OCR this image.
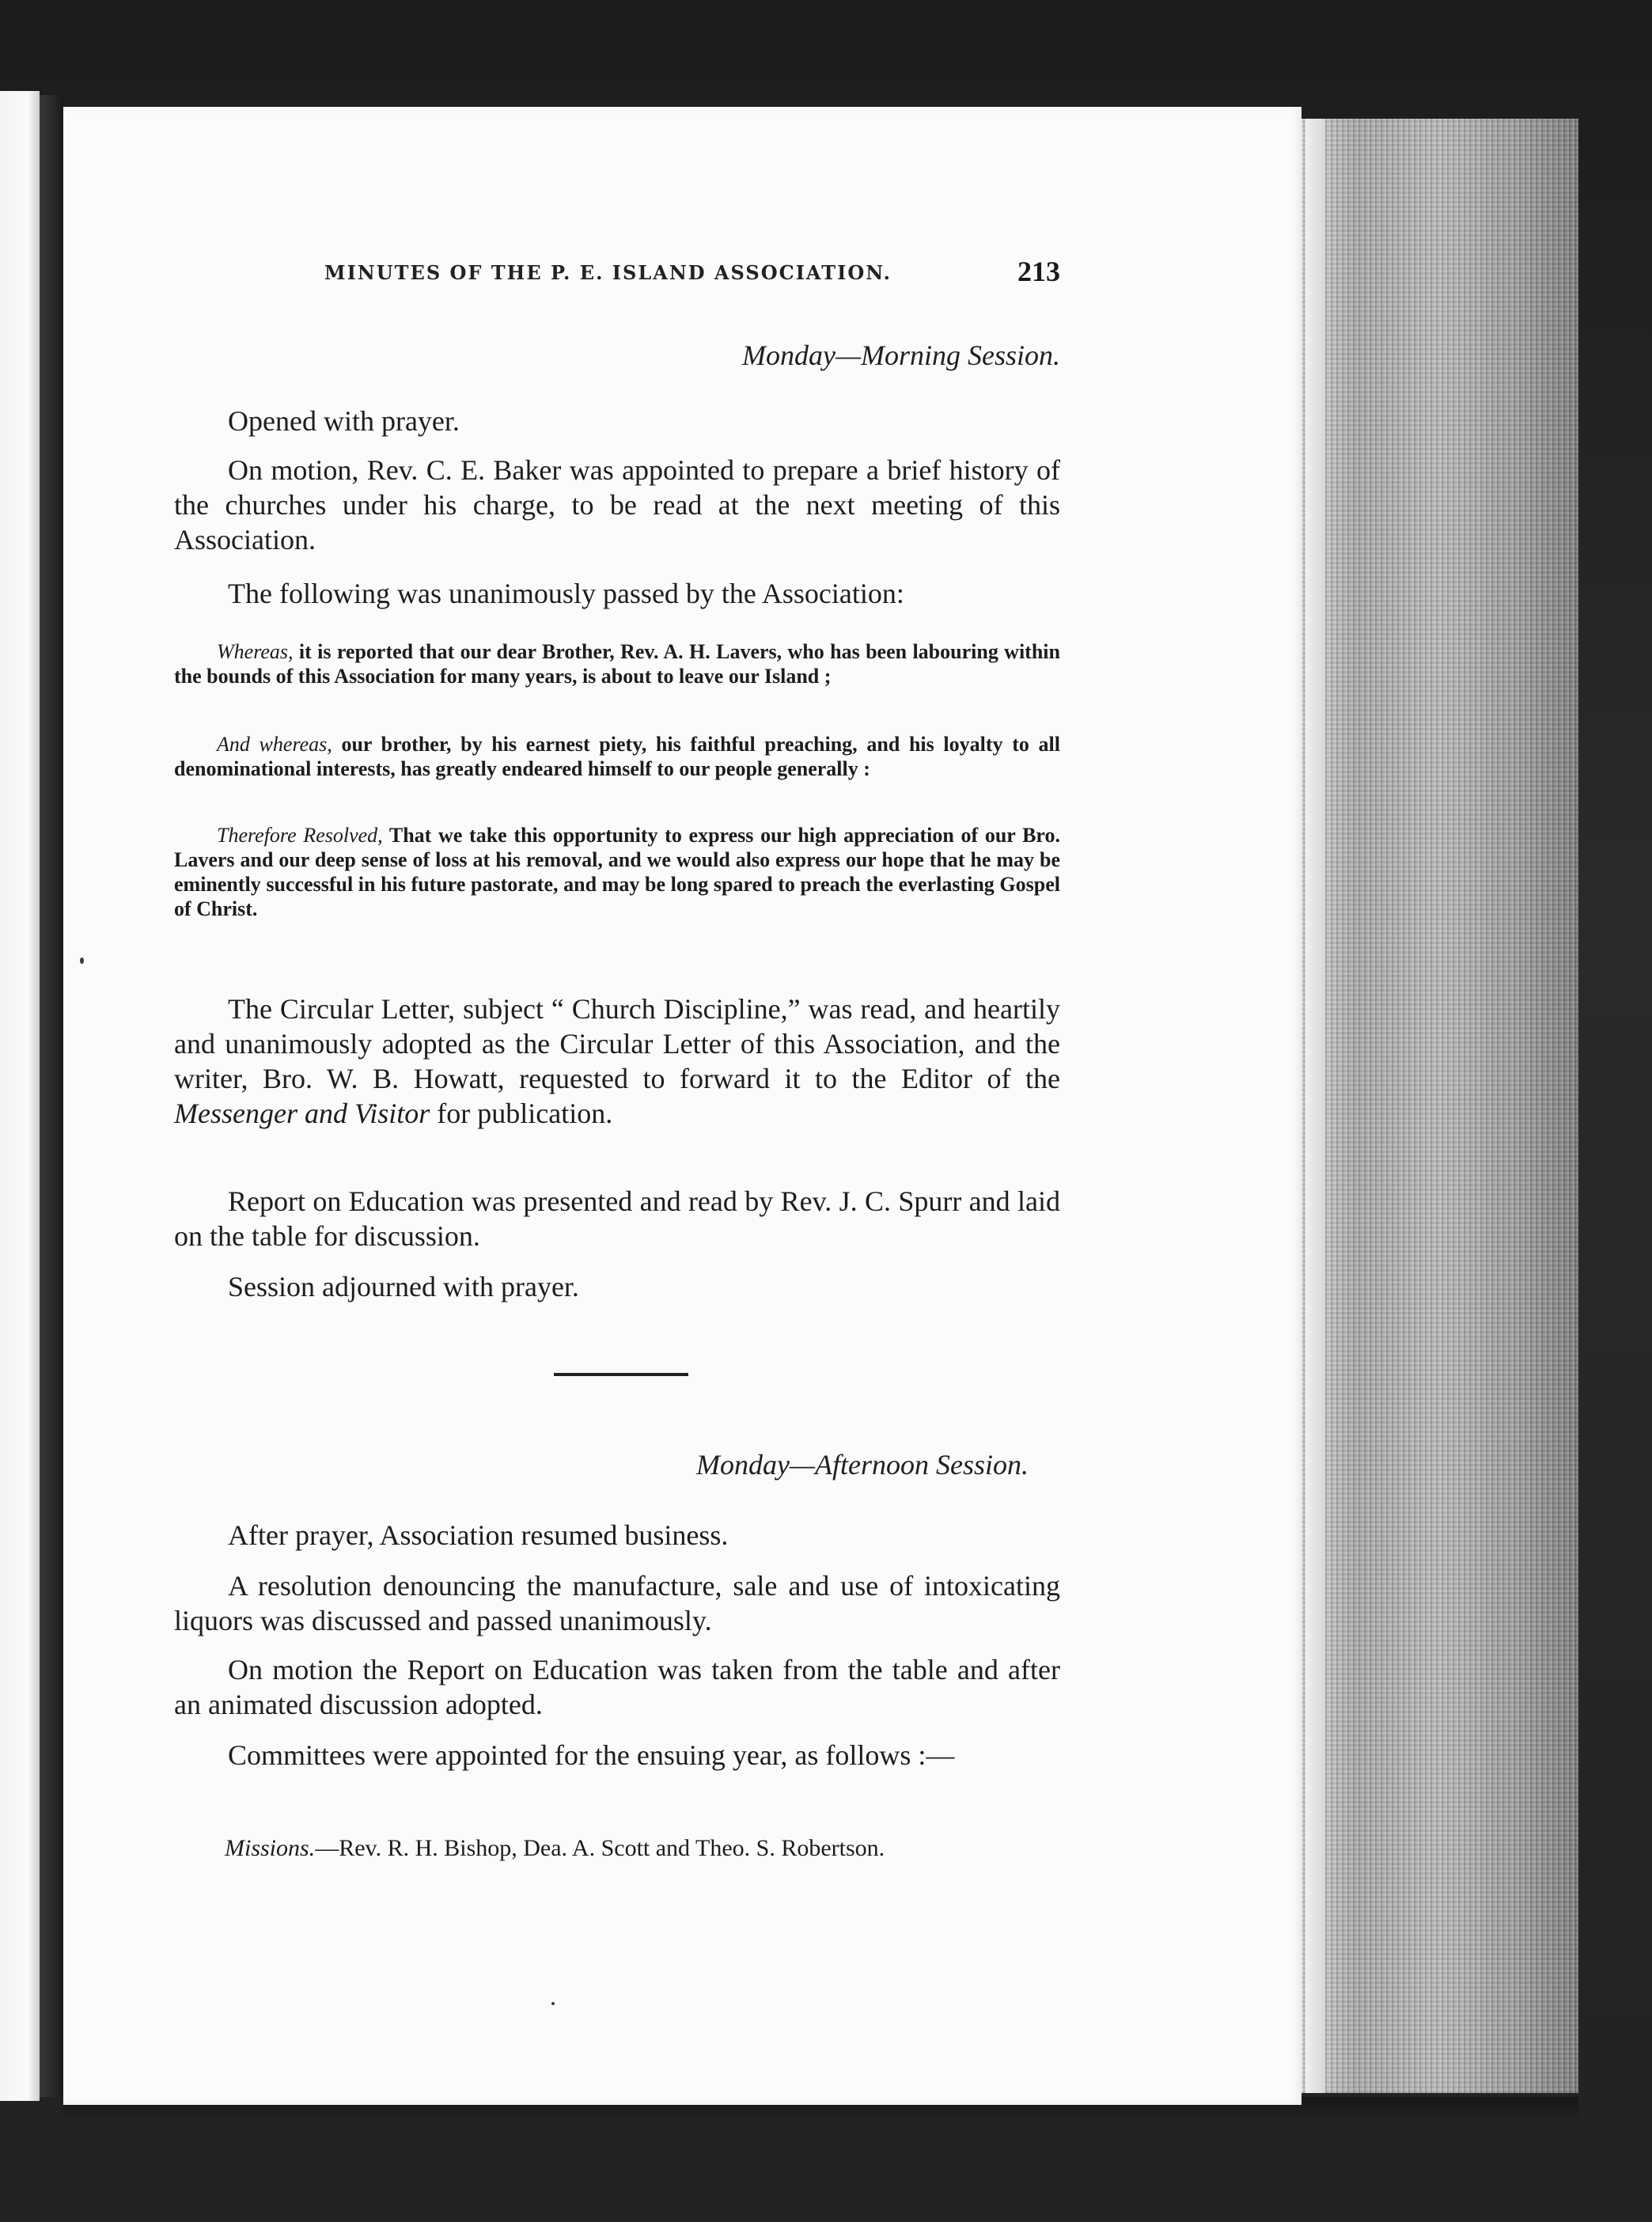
MINUTES OF THE P. E. ISLAND ASSOCIATION.	213
Monday—Morning Session.

Opened with prayer.

On motion, Rev. C. E. Baker was appointed to prepare a brief history of the churches under his charge, to be read at the next meeting of this Association.

The following was unanimously passed by the Association:

Whereas, it is reported that our dear Brother, Rev. A. H. Lavers, who has been labouring within the bounds of this Association for many years, is about to leave our Island ;

And whereas, our brother, by his earnest piety, his faithful preaching, and his loyalty to all denominational interests, has greatly endeared himself to our people generally :

Therefore Resolved, That we take this opportunity to express our high appreciation of our Bro. Lavers and our deep sense of loss at his removal, and we would also express our hope that he may be eminently successful in his future pastorate, and may be long spared to preach the everlasting Gospel of Christ.

The Circular Letter, subject “ Church Discipline,” was read, and heartily and unanimously adopted as the Circular Letter of this Association, and the writer, Bro. W. B. Howatt, requested to forward it to the Editor of the Messenger and Visitor for publication.

Report on Education was presented and read by Rev. J. C. Spurr and laid on the table for discussion.

Session adjourned with prayer.

Monday—Afternoon Session.

After prayer, Association resumed business.

A resolution denouncing the manufacture, sale and use of intoxicating liquors was discussed and passed unanimously.

On motion the Report on Education was taken from the table and after an animated discussion adopted.

Committees were appointed for the ensuing year, as follows :—

Missions.—Rev. R. H. Bishop, Dea. A. Scott and Theo. S. Robertson.
